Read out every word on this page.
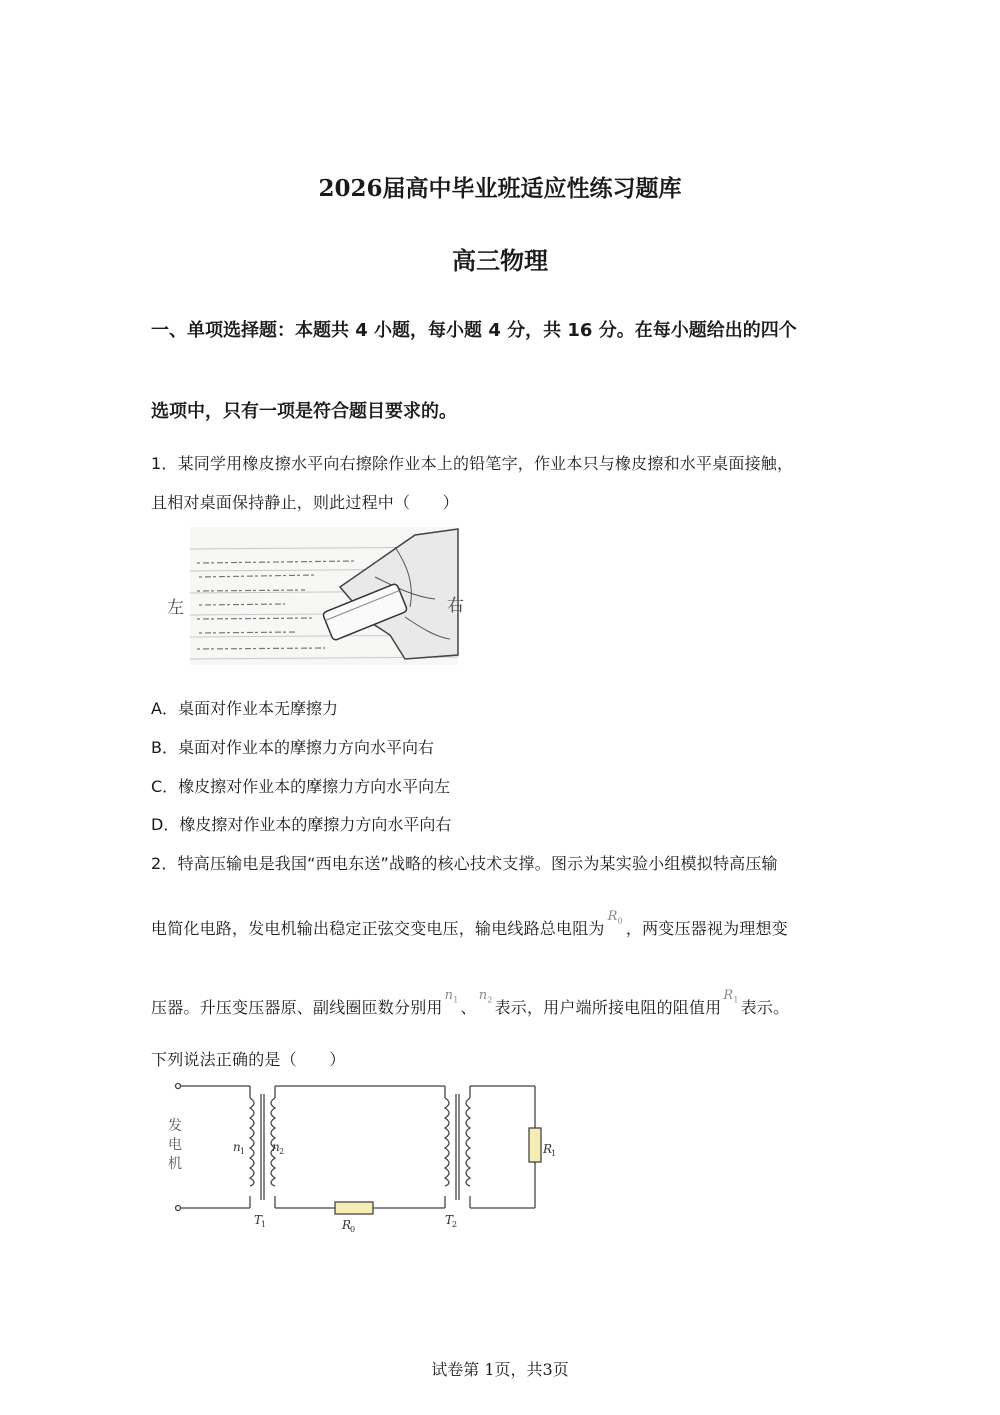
2026届高中毕业班适应性练习题库
高三物理
一、单项选择题：本题共 4 小题，每小题 4 分，共 16 分。在每小题给出的四个
选项中，只有一项是符合题目要求的。
1．某同学用橡皮擦水平向右擦除作业本上的铅笔字，作业本只与橡皮擦和水平桌面接触，
且相对桌面保持静止，则此过程中（　　）
左	右
A．桌面对作业本无摩擦力
B．桌面对作业本的摩擦力方向水平向右
C．橡皮擦对作业本的摩擦力方向水平向左
D．橡皮擦对作业本的摩擦力方向水平向右
2．特高压输电是我国“西电东送”战略的核心技术支撑。图示为某实验小组模拟特高压输
电简化电路，发电机输出稳定正弦交变电压，输电线路总电阻为$^{R_0}$ ，两变压器视为理想变
压器。升压变压器原、副线圈匝数分别用$^{n_1}$ 、$^{n_2}$ 表示，用户端所接电阻的阻值用$^{R_1}$ 表示。
下列说法正确的是（　　）
发
电
机
n 1 n 2
T
1	T
2
R
0
R
1
试卷第 1页，共3页
